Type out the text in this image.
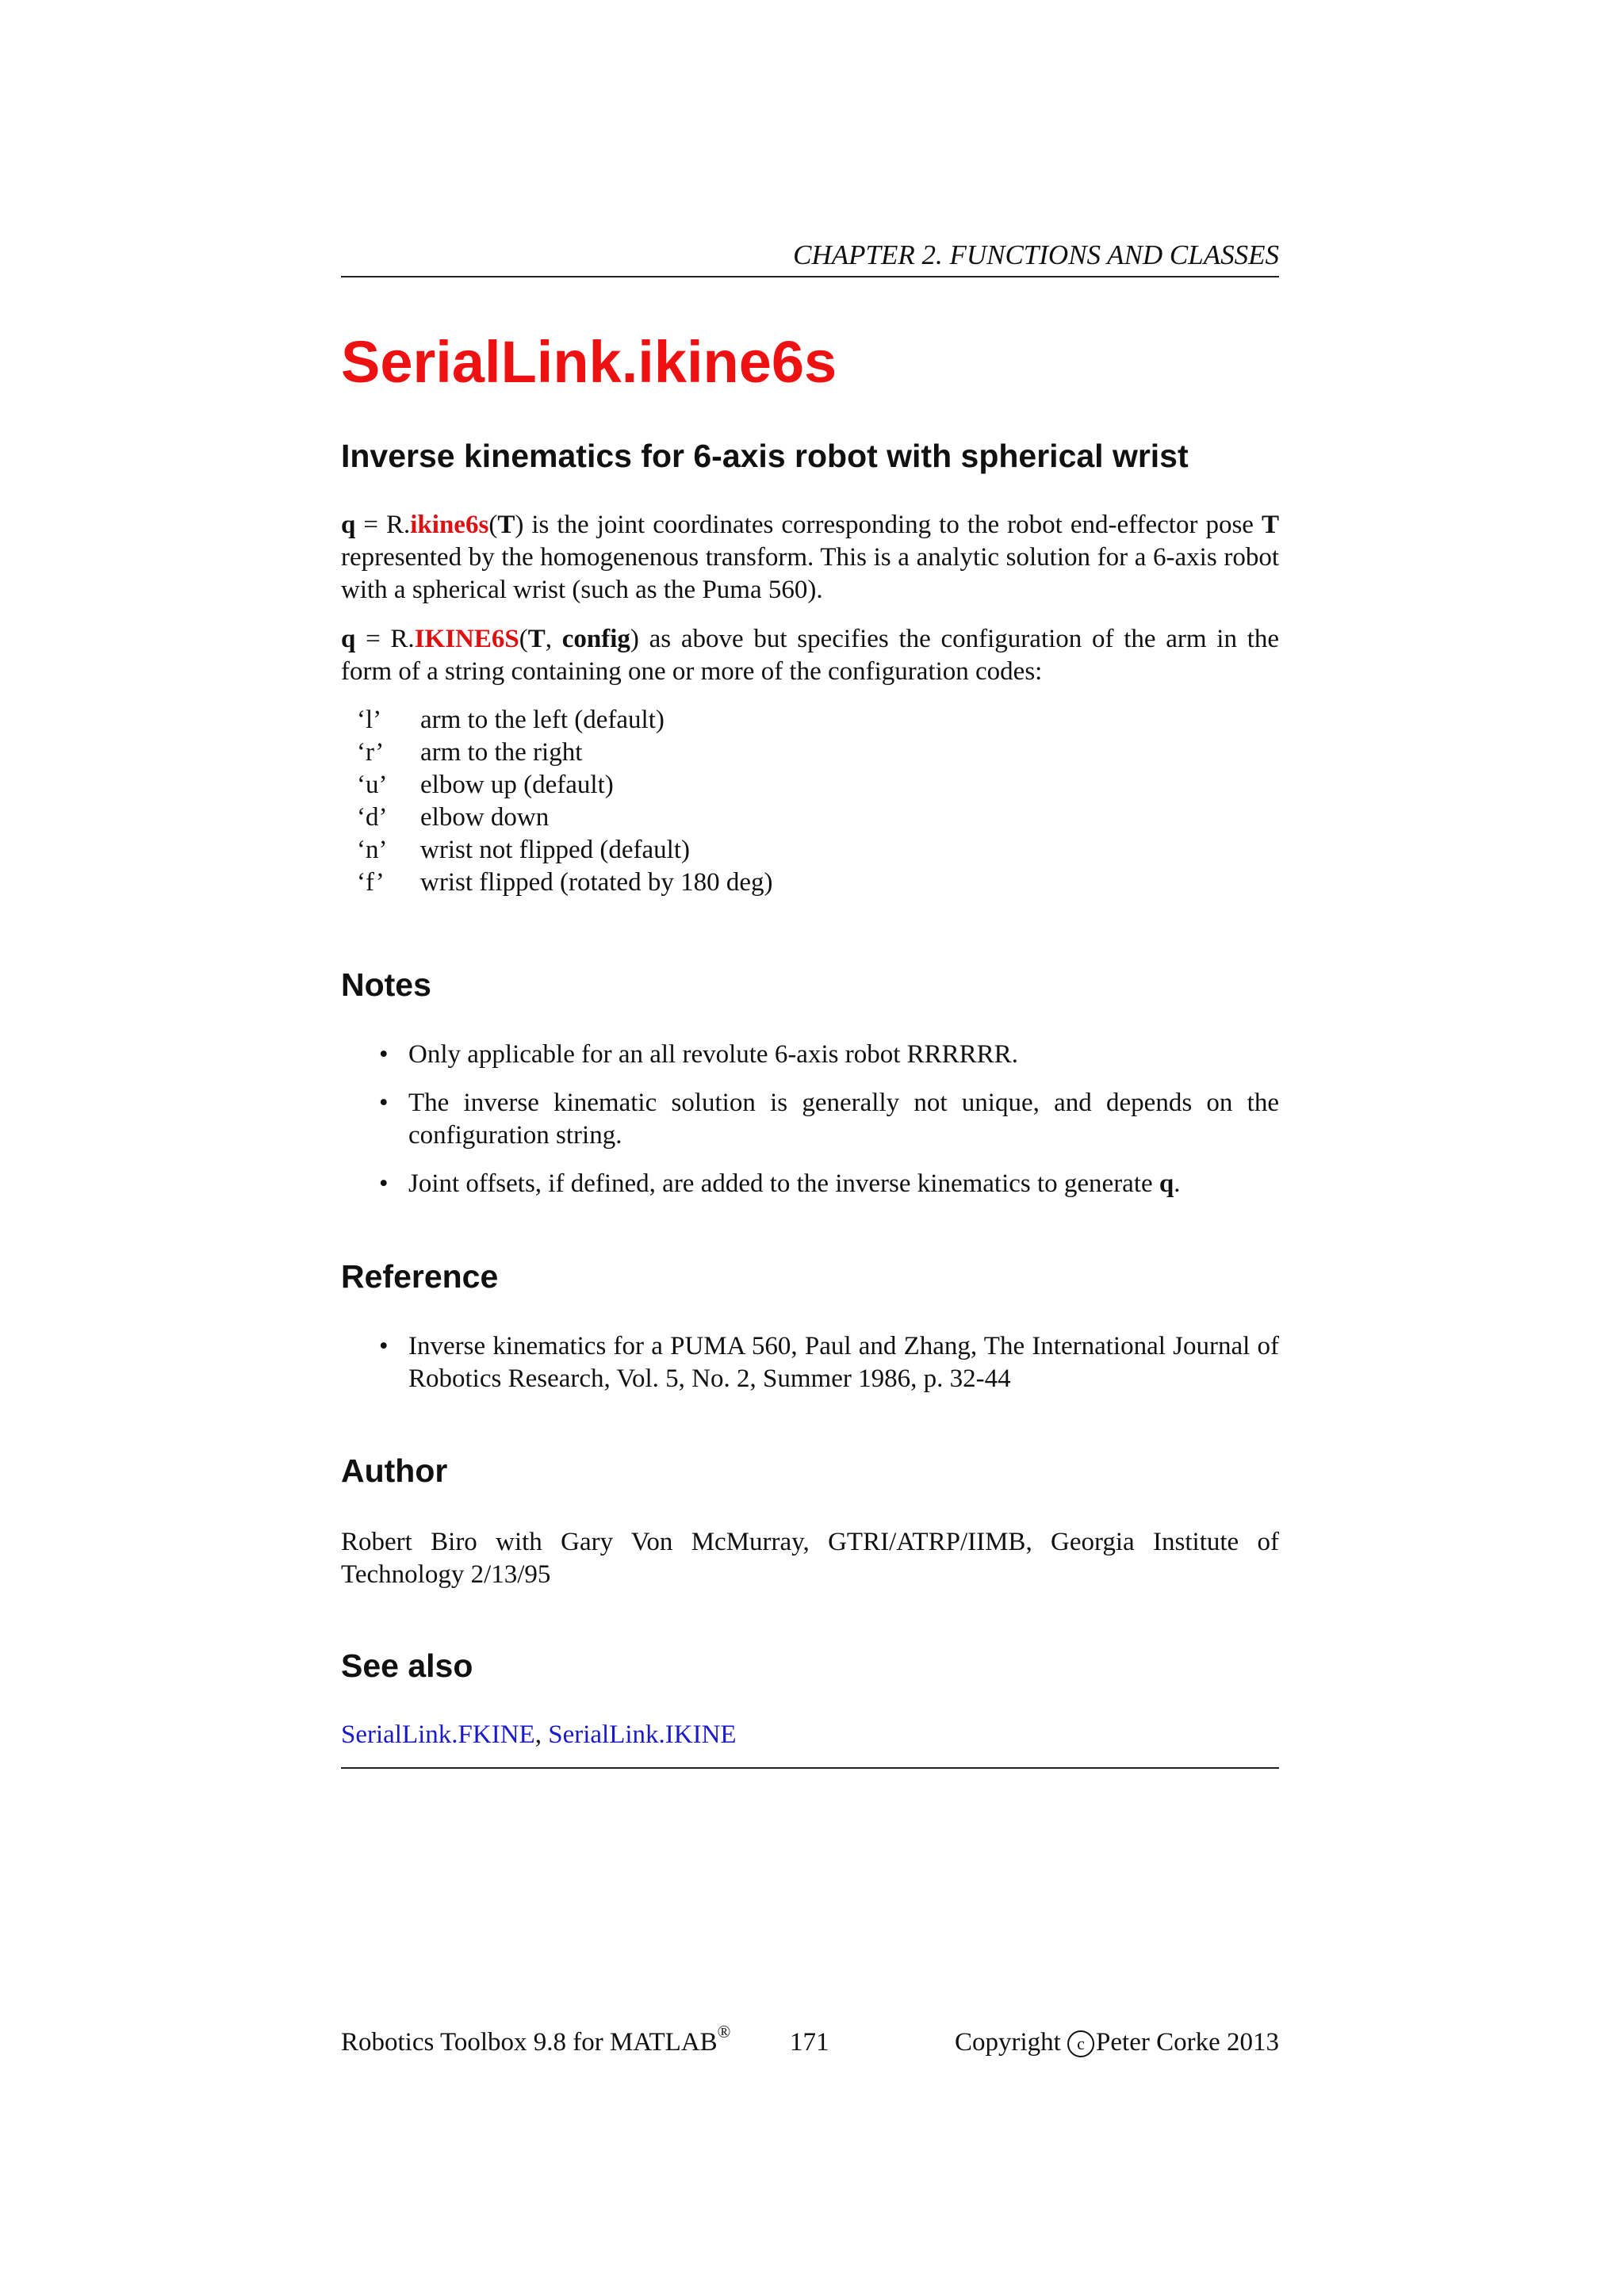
CHAPTER 2. FUNCTIONS AND CLASSES
SerialLink.ikine6s
Inverse kinematics for 6-axis robot with spherical wrist

q = R.ikine6s(T) is the joint coordinates corresponding to the robot end-effector pose T represented by the homogenenous transform. This is a analytic solution for a 6-axis robot with a spherical wrist (such as the Puma 560).

q = R.IKINE6S(T, config) as above but specifies the configuration of the arm in the form of a string containing one or more of the configuration codes:

‘l’	arm to the left (default)
‘r’	arm to the right
‘u’	elbow up (default)
‘d’	elbow down
‘n’	wrist not flipped (default)
‘f’	wrist flipped (rotated by 180 deg)
Notes
• Only applicable for an all revolute 6-axis robot RRRRRR.
• The inverse kinematic solution is generally not unique, and depends on the configuration string.
• Joint offsets, if defined, are added to the inverse kinematics to generate q.
Reference
• Inverse kinematics for a PUMA 560, Paul and Zhang, The International Journal of Robotics Research, Vol. 5, No. 2, Summer 1986, p. 32-44
Author

Robert Biro with Gary Von McMurray, GTRI/ATRP/IIMB, Georgia Institute of Technology 2/13/95

See also
SerialLink.FKINE, SerialLink.IKINE
Robotics Toolbox 9.8 for MATLAB® 171	Copyright c Peter Corke 2013
